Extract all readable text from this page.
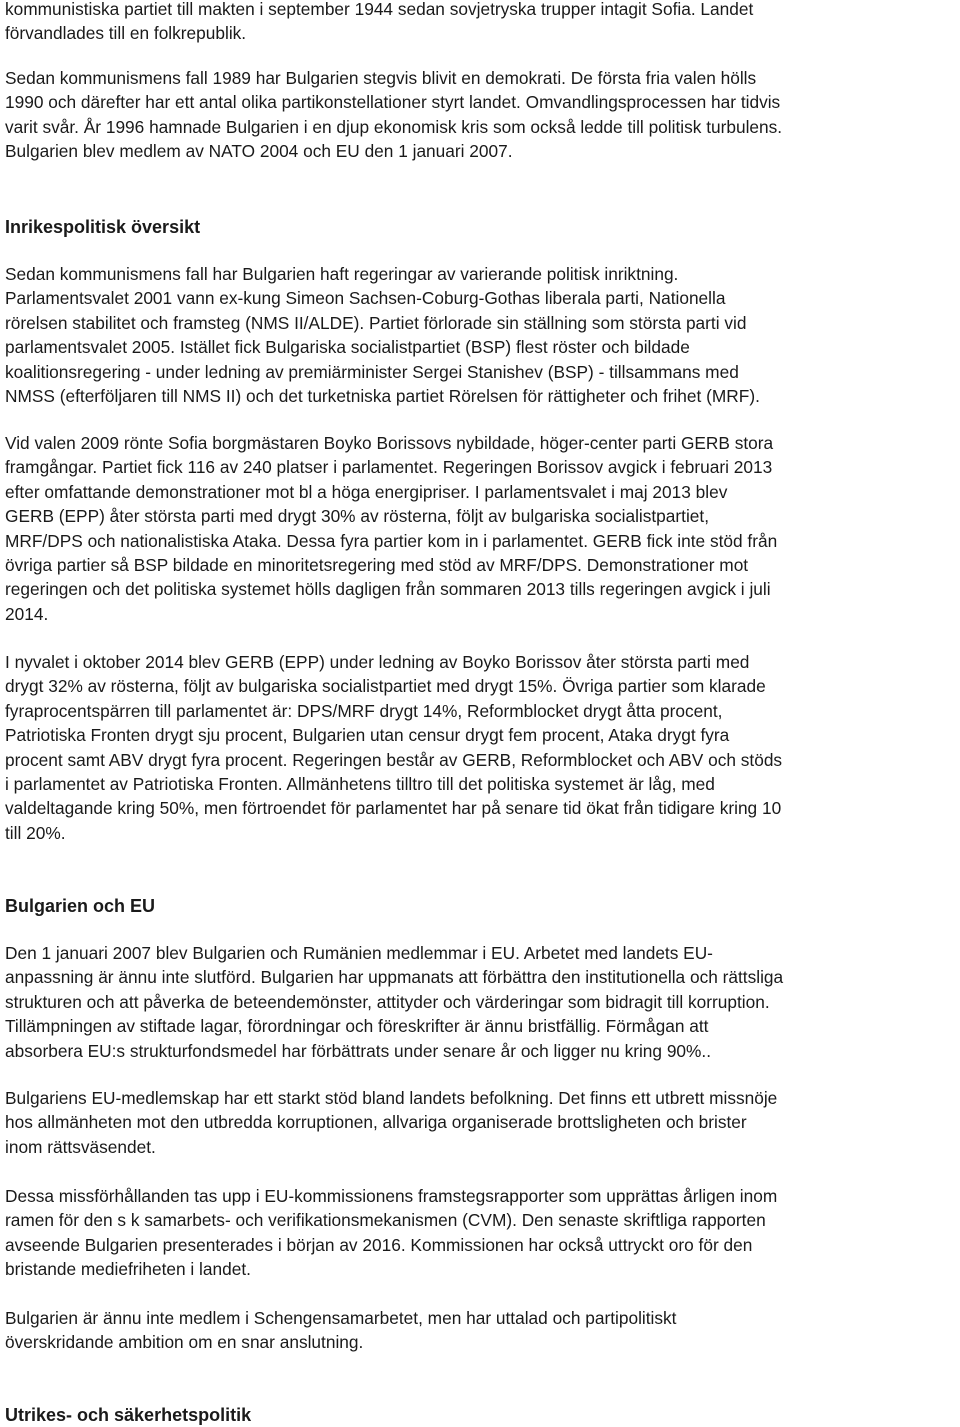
kommunistiska partiet till makten i september 1944 sedan sovjetryska trupper intagit Sofia. Landet
förvandlades till en folkrepublik.

Sedan kommunismens fall 1989 har Bulgarien stegvis blivit en demokrati. De första fria valen hölls
1990 och därefter har ett antal olika partikonstellationer styrt landet. Omvandlingsprocessen har tidvis
varit svår. År 1996 hamnade Bulgarien i en djup ekonomisk kris som också ledde till politisk turbulens.
Bulgarien blev medlem av NATO 2004 och EU den 1 januari 2007.

Inrikespolitisk översikt

Sedan kommunismens fall har Bulgarien haft regeringar av varierande politisk inriktning.
Parlamentsvalet 2001 vann ex-kung Simeon Sachsen-Coburg-Gothas liberala parti, Nationella
rörelsen stabilitet och framsteg (NMS II/ALDE). Partiet förlorade sin ställning som största parti vid
parlamentsvalet 2005. Istället fick Bulgariska socialistpartiet (BSP) flest röster och bildade
koalitionsregering - under ledning av premiärminister Sergei Stanishev (BSP) - tillsammans med
NMSS (efterföljaren till NMS II) och det turketniska partiet Rörelsen för rättigheter och frihet (MRF).

Vid valen 2009 rönte Sofia borgmästaren Boyko Borissovs nybildade, höger-center parti GERB stora
framgångar. Partiet fick 116 av 240 platser i parlamentet. Regeringen Borissov avgick i februari 2013
efter omfattande demonstrationer mot bl a höga energipriser. I parlamentsvalet i maj 2013 blev
GERB (EPP) åter största parti med drygt 30% av rösterna, följt av bulgariska socialistpartiet,
MRF/DPS och nationalistiska Ataka. Dessa fyra partier kom in i parlamentet. GERB fick inte stöd från
övriga partier så BSP bildade en minoritetsregering med stöd av MRF/DPS. Demonstrationer mot
regeringen och det politiska systemet hölls dagligen från sommaren 2013 tills regeringen avgick i juli
2014.

I nyvalet i oktober 2014 blev GERB (EPP) under ledning av Boyko Borissov åter största parti med
drygt 32% av rösterna, följt av bulgariska socialistpartiet med drygt 15%. Övriga partier som klarade
fyraprocentspärren till parlamentet är: DPS/MRF drygt 14%, Reformblocket drygt åtta procent,
Patriotiska Fronten drygt sju procent, Bulgarien utan censur drygt fem procent, Ataka drygt fyra
procent samt ABV drygt fyra procent. Regeringen består av GERB, Reformblocket och ABV och stöds
i parlamentet av Patriotiska Fronten. Allmänhetens tilltro till det politiska systemet är låg, med
valdeltagande kring 50%, men förtroendet för parlamentet har på senare tid ökat från tidigare kring 10
till 20%.

Bulgarien och EU

Den 1 januari 2007 blev Bulgarien och Rumänien medlemmar i EU. Arbetet med landets EU-
anpassning är ännu inte slutförd. Bulgarien har uppmanats att förbättra den institutionella och rättsliga
strukturen och att påverka de beteendemönster, attityder och värderingar som bidragit till korruption.
Tillämpningen av stiftade lagar, förordningar och föreskrifter är ännu bristfällig. Förmågan att
absorbera EU:s strukturfondsmedel har förbättrats under senare år och ligger nu kring 90%..

Bulgariens EU-medlemskap har ett starkt stöd bland landets befolkning. Det finns ett utbrett missnöje
hos allmänheten mot den utbredda korruptionen, allvariga organiserade brottsligheten och brister
inom rättsväsendet.

Dessa missförhållanden tas upp i EU-kommissionens framstegsrapporter som upprättas årligen inom
ramen för den s k samarbets- och verifikationsmekanismen (CVM). Den senaste skriftliga rapporten
avseende Bulgarien presenterades i början av 2016. Kommissionen har också uttryckt oro för den
bristande mediefriheten i landet.

Bulgarien är ännu inte medlem i Schengensamarbetet, men har uttalad och partipolitiskt
överskridande ambition om en snar anslutning.

Utrikes- och säkerhetspolitik
